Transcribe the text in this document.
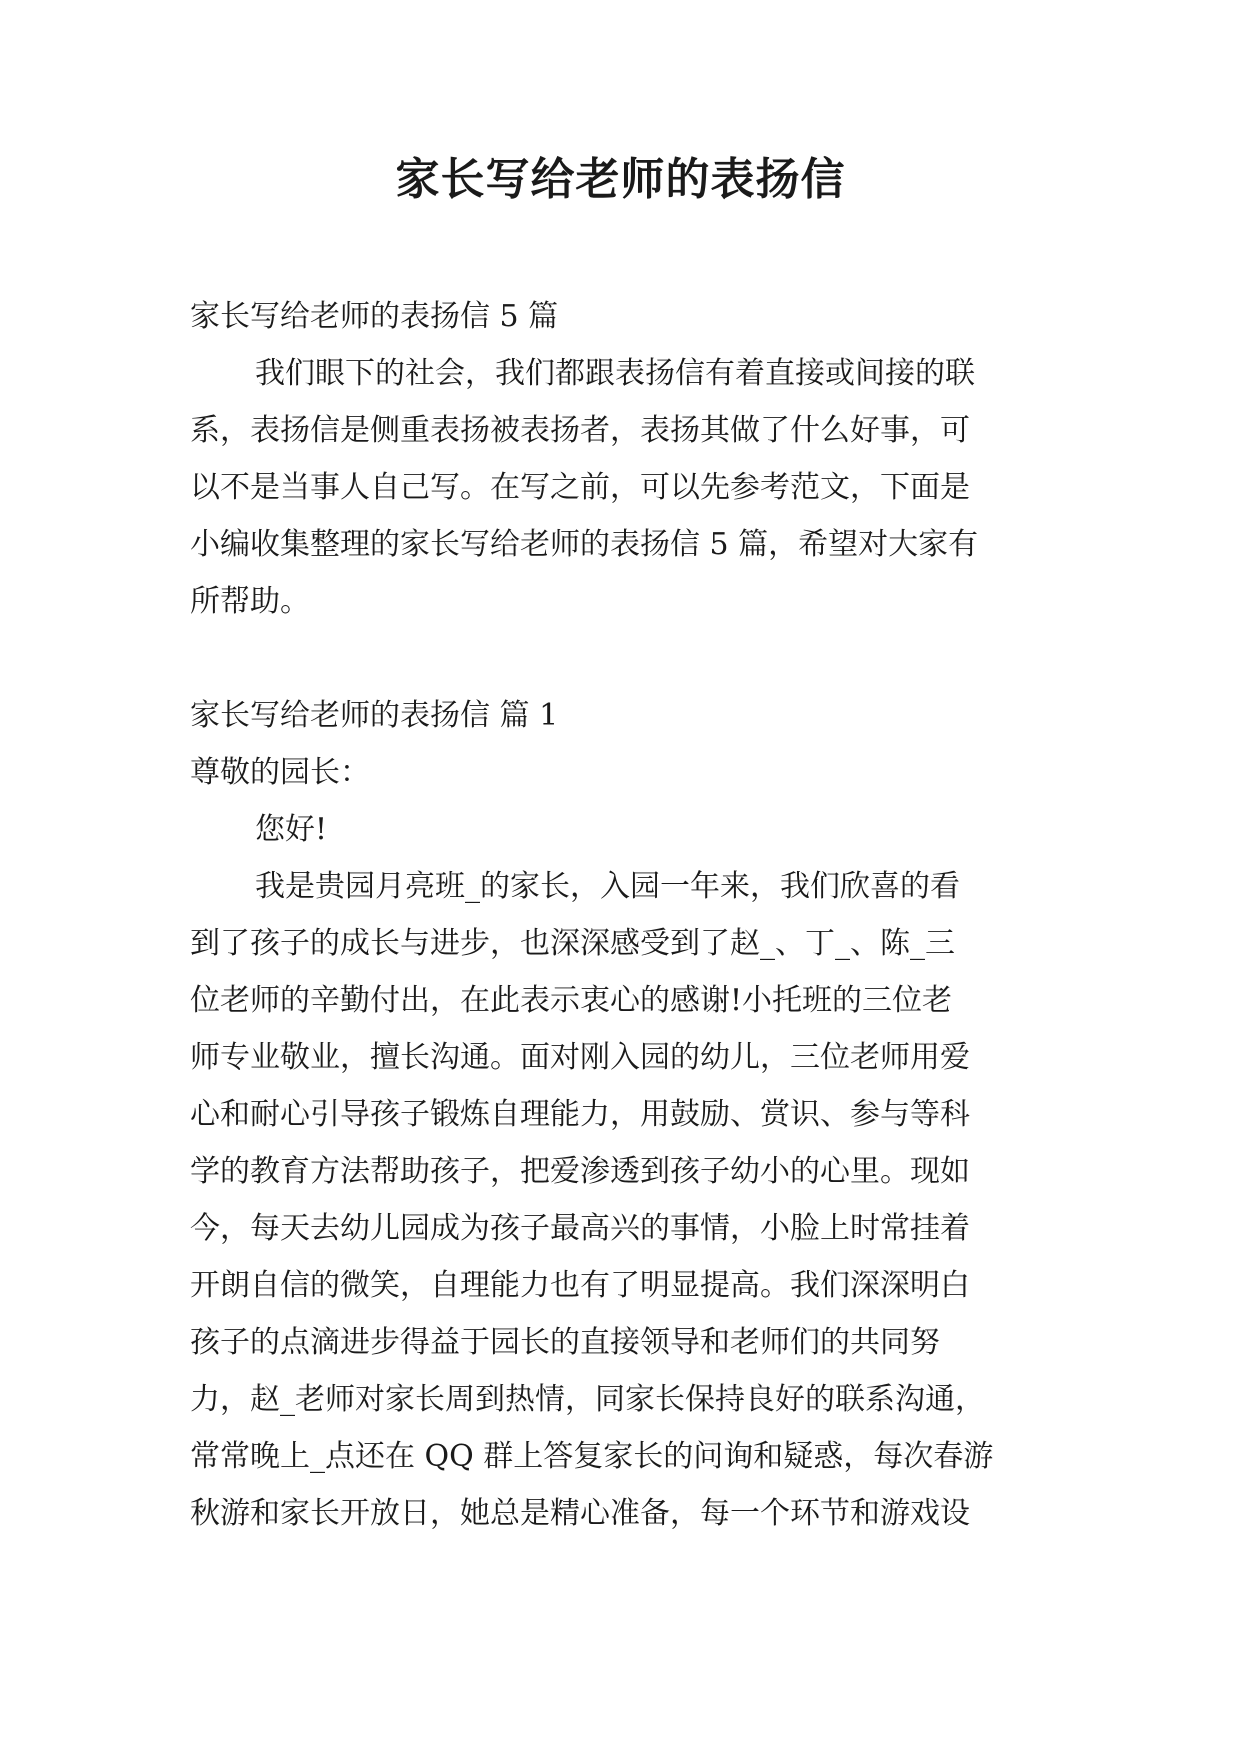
家长写给老师的表扬信
家长写给老师的表扬信 5 篇
我们眼下的社会，我们都跟表扬信有着直接或间接的联
系，表扬信是侧重表扬被表扬者，表扬其做了什么好事，可
以不是当事人自己写。在写之前，可以先参考范文，下面是
小编收集整理的家长写给老师的表扬信 5 篇，希望对大家有
所帮助。
家长写给老师的表扬信 篇 1
尊敬的园长：
您好!
我是贵园月亮班_的家长，入园一年来，我们欣喜的看
到了孩子的成长与进步，也深深感受到了赵_、丁_、陈_三
位老师的辛勤付出，在此表示衷心的感谢!小托班的三位老
师专业敬业，擅长沟通。面对刚入园的幼儿，三位老师用爱
心和耐心引导孩子锻炼自理能力，用鼓励、赏识、参与等科
学的教育方法帮助孩子，把爱渗透到孩子幼小的心里。现如
今，每天去幼儿园成为孩子最高兴的事情，小脸上时常挂着
开朗自信的微笑，自理能力也有了明显提高。我们深深明白
孩子的点滴进步得益于园长的直接领导和老师们的共同努
力，赵_老师对家长周到热情，同家长保持良好的联系沟通，
常常晚上_点还在 QQ 群上答复家长的问询和疑惑，每次春游
秋游和家长开放日，她总是精心准备，每一个环节和游戏设
